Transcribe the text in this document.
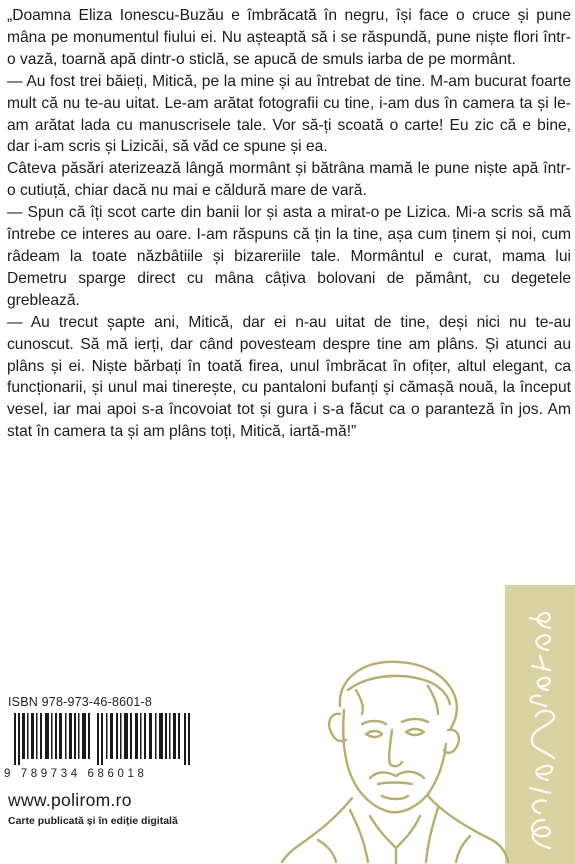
„Doamna Eliza Ionescu-Buzău e îmbrăcată în negru, își face o cruce și pune mâna pe monumentul fiului ei. Nu așteaptă să i se răspundă, pune niște flori într-o vază, toarnă apă dintr-o sticlă, se apucă de smuls iarba de pe mormânt.

— Au fost trei băieți, Mitică, pe la mine și au întrebat de tine. M-am bucurat foarte mult că nu te-au uitat. Le-am arătat fotografii cu tine, i-am dus în camera ta și le-am arătat lada cu manuscrisele tale. Vor să-ți scoată o carte! Eu zic că e bine, dar i-am scris și Lizicăi, să văd ce spune și ea.

Câteva păsări aterizează lângă mormânt și bătrâna mamă le pune niște apă într-o cutiuță, chiar dacă nu mai e căldură mare de vară.

— Spun că îți scot carte din banii lor și asta a mirat-o pe Lizica. Mi-a scris să mă întrebe ce interes au oare. I-am răspuns că țin la tine, așa cum ținem și noi, cum râdeam la toate năzbâtiile și bizareriile tale. Mormântul e curat, mama lui Demetru sparge direct cu mâna câțiva bolovani de pământ, cu degetele greblează.

— Au trecut șapte ani, Mitică, dar ei n-au uitat de tine, deși nici nu te-au cunoscut. Să mă ierți, dar când povesteam despre tine am plâns. Și atunci au plâns și ei. Niște bărbați în toată firea, unul îmbrăcat în ofițer, altul elegant, ca funcționarii, și unul mai tinerește, cu pantaloni bufanți și cămașă nouă, la început vesel, iar mai apoi s-a încovoiat tot și gura i s-a făcut ca o paranteză în jos. Am stat în camera ta și am plâns toți, Mitică, iartă-mă!”

ISBN 978-973-46-8601-8
9 789734 686018
www.polirom.ro
Carte publicată și în ediție digitală
